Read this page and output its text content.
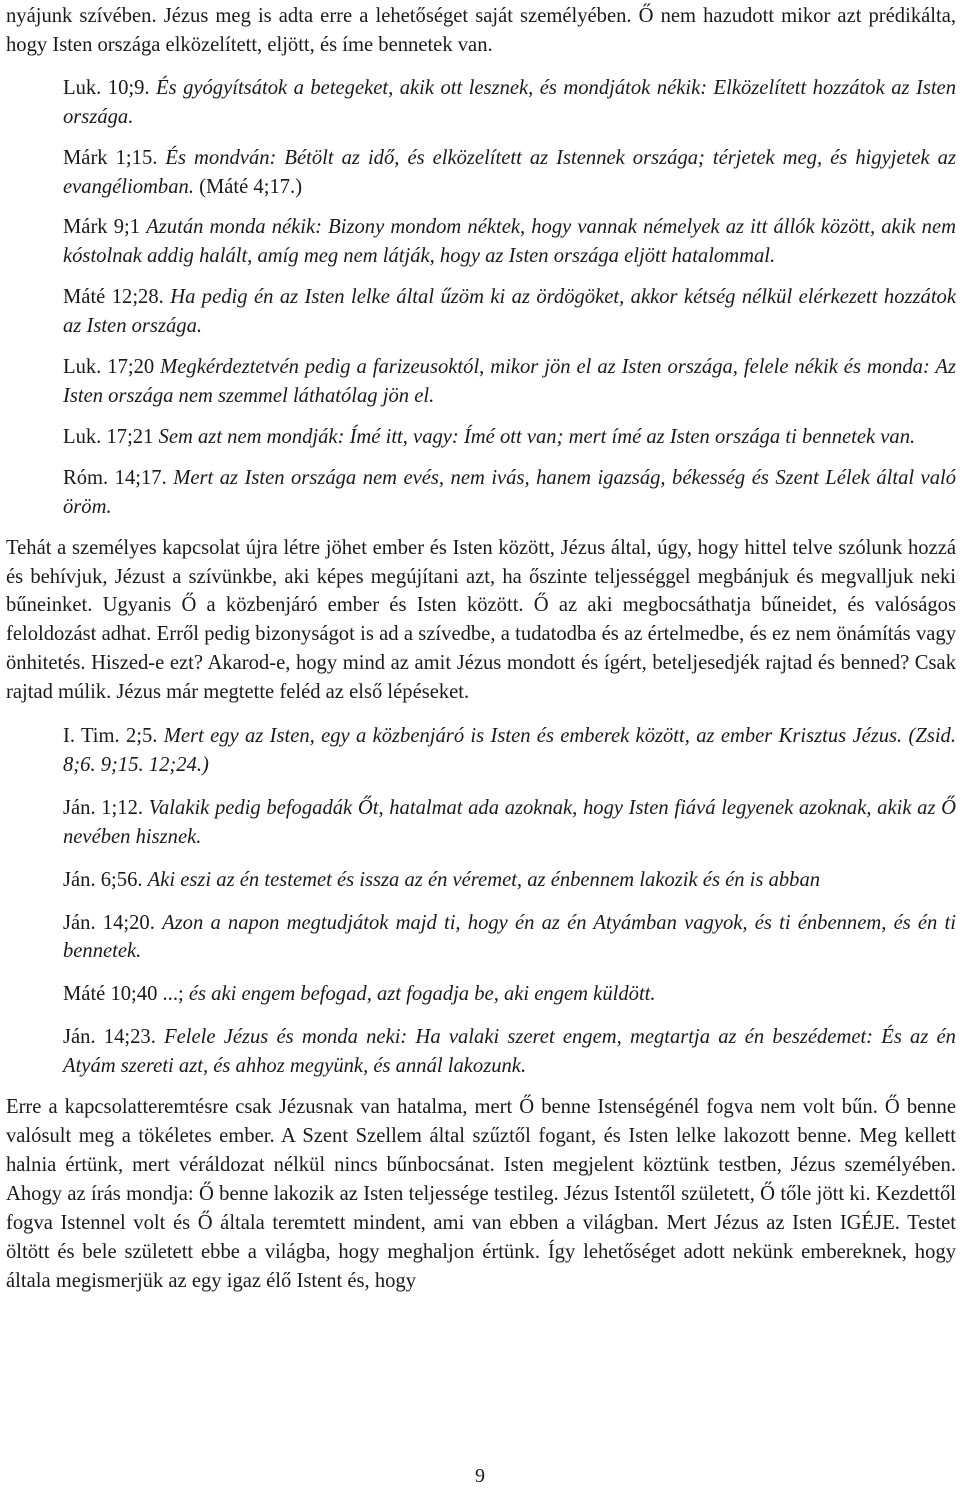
nyájunk szívében. Jézus meg is adta erre a lehetőséget saját személyében. Ő nem hazudott mikor azt prédikálta, hogy Isten országa elközelített, eljött, és íme bennetek van.

Luk. 10;9. És gyógyítsátok a betegeket, akik ott lesznek, és mondjátok nékik: Elközelített hozzátok az Isten országa.

Márk 1;15. És mondván: Bétölt az idő, és elközelített az Istennek országa; térjetek meg, és higyjetek az evangéliomban. (Máté 4;17.)

Márk 9;1 Azután monda nékik: Bizony mondom néktek, hogy vannak némelyek az itt állók között, akik nem kóstolnak addig halált, amíg meg nem látják, hogy az Isten országa eljött hatalommal.

Máté 12;28. Ha pedig én az Isten lelke által űzöm ki az ördögöket, akkor kétség nélkül elérkezett hozzátok az Isten országa.

Luk. 17;20 Megkérdeztetvén pedig a farizeusoktól, mikor jön el az Isten országa, felele nékik és monda: Az Isten országa nem szemmel láthatólag jön el.

Luk. 17;21 Sem azt nem mondják: Ímé itt, vagy: Ímé ott van; mert ímé az Isten országa ti bennetek van.

Róm. 14;17. Mert az Isten országa nem evés, nem ivás, hanem igazság, békesség és Szent Lélek által való öröm.

Tehát a személyes kapcsolat újra létre jöhet ember és Isten között, Jézus által, úgy, hogy hittel telve szólunk hozzá és behívjuk, Jézust a szívünkbe, aki képes megújítani azt, ha őszinte teljességgel megbánjuk és megvalljuk neki bűneinket. Ugyanis Ő a közbenjáró ember és Isten között. Ő az aki megbocsáthatja bűneidet, és valóságos feloldozást adhat. Erről pedig bizonyságot is ad a szívedbe, a tudatodba és az értelmedbe, és ez nem önámítás vagy önhitetés. Hiszed-e ezt? Akarod-e, hogy mind az amit Jézus mondott és ígért, beteljesedjék rajtad és benned? Csak rajtad múlik. Jézus már megtette feléd az első lépéseket.

I. Tim. 2;5. Mert egy az Isten, egy a közbenjáró is Isten és emberek között, az ember Krisztus Jézus. (Zsid. 8;6. 9;15. 12;24.)

Ján. 1;12. Valakik pedig befogadák Őt, hatalmat ada azoknak, hogy Isten fiává legyenek azoknak, akik az Ő nevében hisznek.

Ján. 6;56. Aki eszi az én testemet és issza az én véremet, az énbennem lakozik és én is abban

Ján. 14;20. Azon a napon megtudjátok majd ti, hogy én az én Atyámban vagyok, és ti énbennem, és én ti bennetek.

Máté 10;40 ...; és aki engem befogad, azt fogadja be, aki engem küldött.

Ján. 14;23. Felele Jézus és monda neki: Ha valaki szeret engem, megtartja az én beszédemet: És az én Atyám szereti azt, és ahhoz megyünk, és annál lakozunk.

Erre a kapcsolatteremtésre csak Jézusnak van hatalma, mert Ő benne Istenségénél fogva nem volt bűn. Ő benne valósult meg a tökéletes ember. A Szent Szellem által szűztől fogant, és Isten lelke lakozott benne. Meg kellett halnia értünk, mert véráldozat nélkül nincs bűnbocsánat. Isten megjelent köztünk testben, Jézus személyében. Ahogy az írás mondja: Ő benne lakozik az Isten teljessége testileg. Jézus Istentől született, Ő tőle jött ki. Kezdettől fogva Istennel volt és Ő általa teremtett mindent, ami van ebben a világban. Mert Jézus az Isten IGÉJE. Testet öltött és bele született ebbe a világba, hogy meghaljon értünk. Így lehetőséget adott nekünk embereknek, hogy általa megismerjük az egy igaz élő Istent és, hogy

9
